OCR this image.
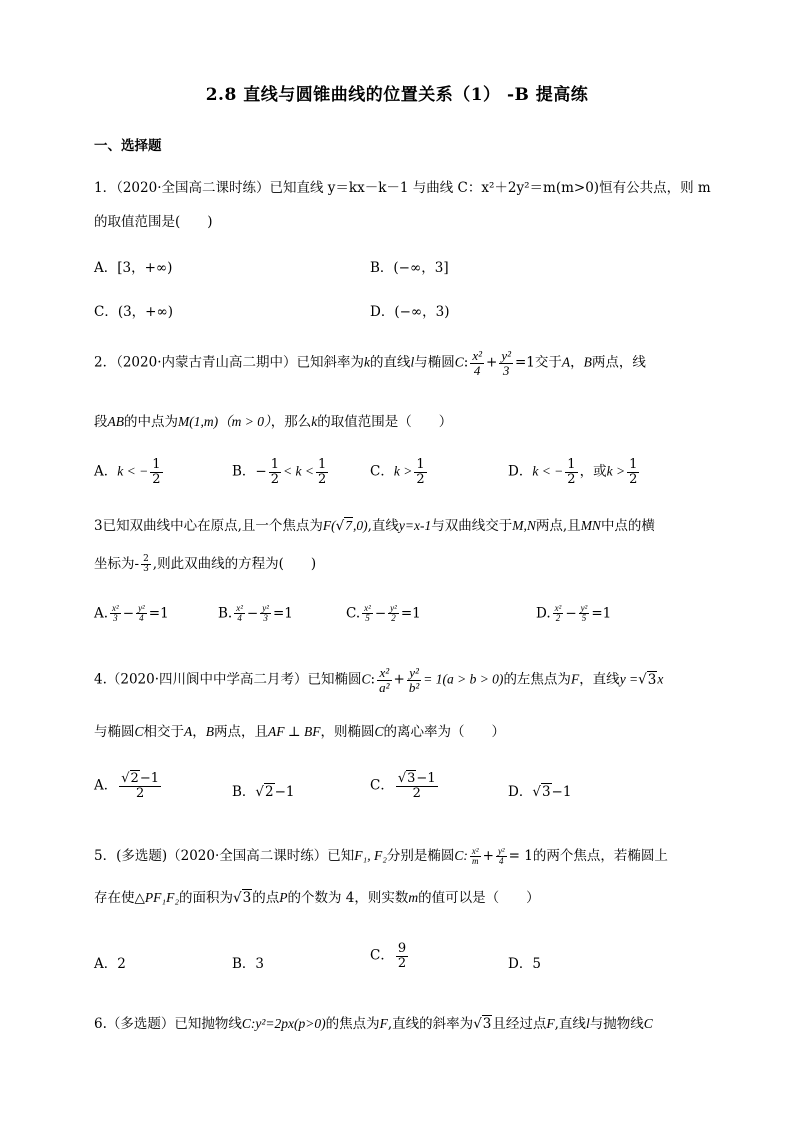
2.8 直线与圆锥曲线的位置关系（1） -B 提高练
一、选择题
1．（2020·全国高二课时练）已知直线 y＝kx－k－1 与曲线 C：x²＋2y²＝m(m>0)恒有公共点，则 m
的取值范围是(　　)
A．[3，+∞)	B．(−∞，3]
C．(3，+∞)	D．(−∞，3)
2．（2020·内蒙古青山高二期中）已知斜率为k的直线l与椭圆C: $\frac{\text{x²}}{4} + \frac{\text{y²}}{3} =1$交于A，B两点，线
段AB的中点为M(1,m)（m > 0），那么k的取值范围是（　　）
A．k < − $\frac{1}{2}$	B．− $\frac{1}{2} < k < \frac{1}{2}$	C．$k > \frac{1}{2}$	D．k < − $\frac{1}{2}$ ，或$k > \frac{1}{2}$
3已知双曲线中心在原点,且一个焦点为F(√7,0),直线y=x-1与双曲线交于M,N两点,且MN中点的横
坐标为- $\frac{2}{3}$ ,则此双曲线的方程为(　　)
A. $\frac{\text{x²}}{3} - \frac{\text{y²}}{4} =1$	B. $\frac{\text{x²}}{4} - \frac{\text{y²}}{3} =1$	C. $\frac{\text{x²}}{5} - \frac{\text{y²}}{2} =1$	D. $\frac{\text{x²}}{2} - \frac{\text{y²}}{5} =1$
4.（2020·四川阆中中学高二月考）已知椭圆C: $\frac{\text{x²}}{\text{a²}} + \frac{\text{y²}}{\text{b²}} = 1(a > b > 0)$的左焦点为F，直线y =√3x
与椭圆C相交于A，B两点，且AF ⊥ BF，则椭圆C的离心率为（　　）
A． $\frac{√2-1}{2}$	B．√2−1	C． $\frac{√3-1}{2}$	D．√3−1
5．(多选题)（2020·全国高二课时练）已知F₁, F₂分别是椭圆C: $\frac{\text{x²}}{m} + \frac{\text{y²}}{4} = 1$的两个焦点，若椭圆上
存在使△PF₁F₂的面积为√3的点P的个数为 4，则实数m的值可以是（　　）
A．2	B．3
C． $\frac{9}{2}$	D．5
6.（多选题）已知抛物线C:y²=2px(p>0)的焦点为F,直线的斜率为√3且经过点F,直线l与抛物线C
